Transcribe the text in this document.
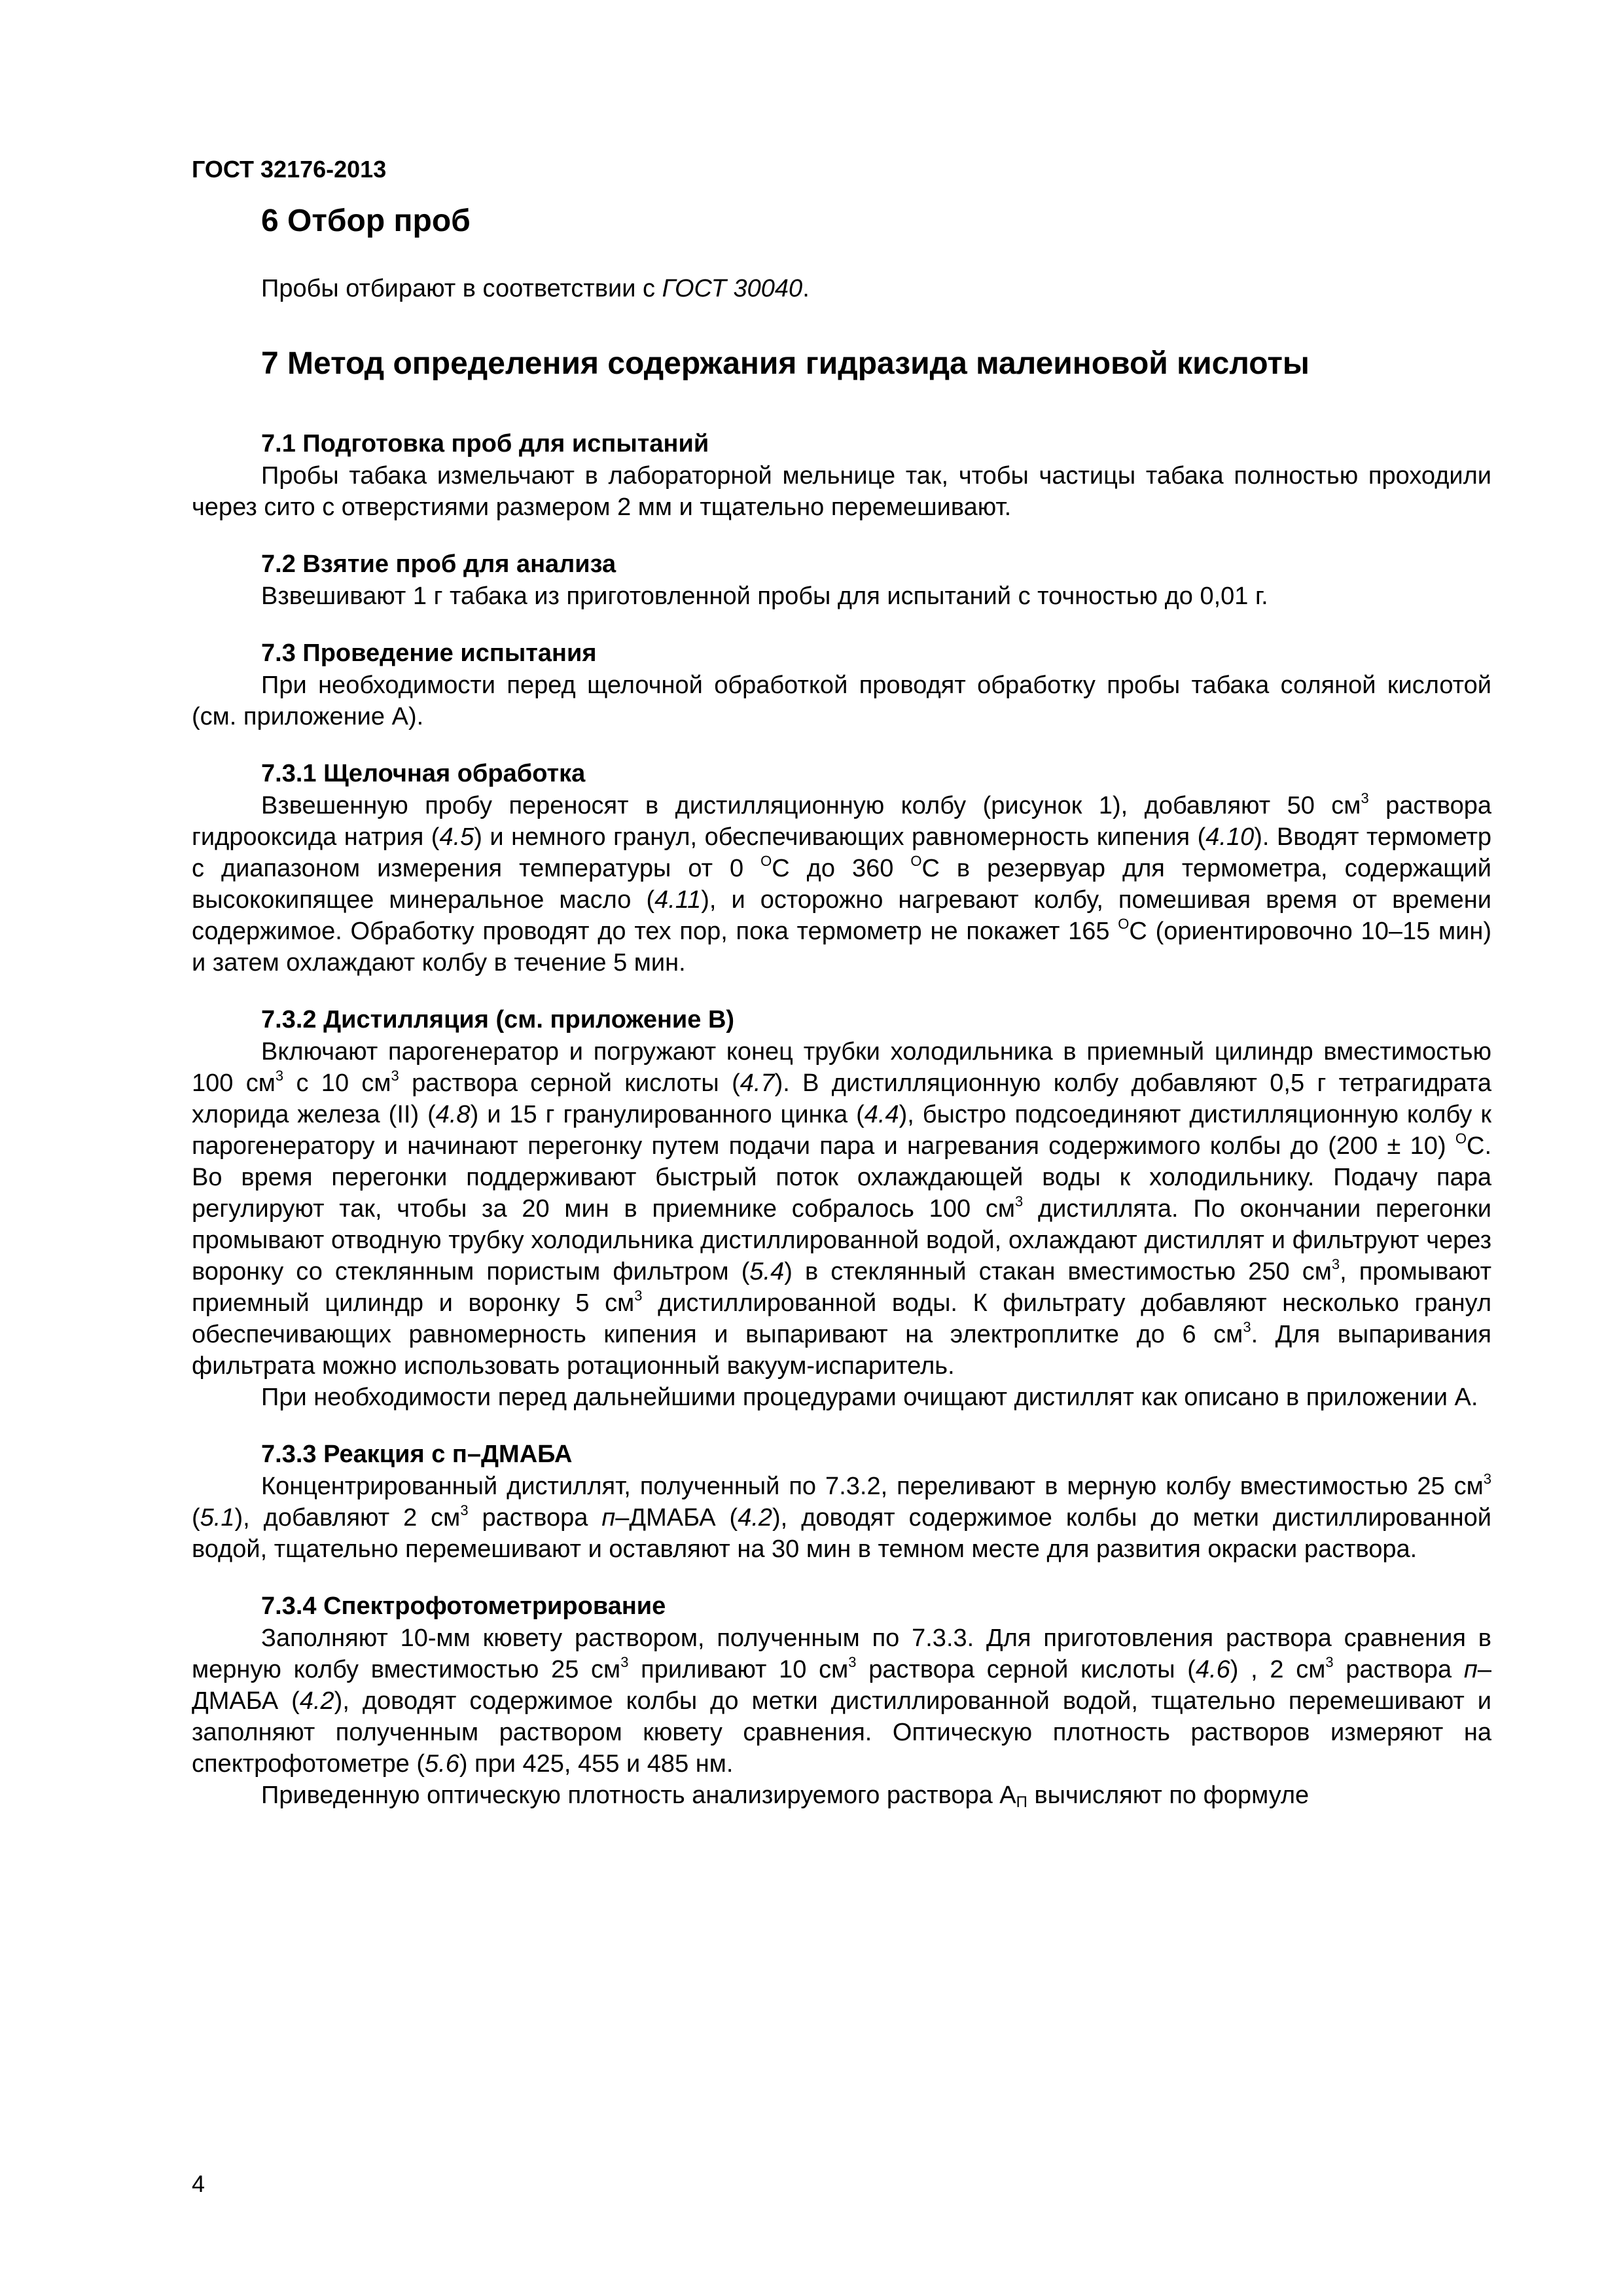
ГОСТ 32176-2013
6 Отбор проб

Пробы отбирают в соответствии с ГОСТ 30040.

7 Метод определения содержания гидразида малеиновой кислоты
7.1 Подготовка проб для испытаний

Пробы табака измельчают в лабораторной мельнице так, чтобы частицы табака полностью проходили через сито с отверстиями размером 2 мм и тщательно перемешивают.

7.2 Взятие проб для анализа

Взвешивают 1 г табака из приготовленной пробы для испытаний с точностью до 0,01 г.

7.3 Проведение испытания

При необходимости перед щелочной обработкой проводят обработку пробы табака соляной кислотой (см. приложение А).

7.3.1 Щелочная обработка

Взвешенную пробу переносят в дистилляционную колбу (рисунок 1), добавляют 50 $см^3$ раствора гидрооксида натрия (4.5) и немного гранул, обеспечивающих равномерность кипения (4.10). Вводят термометр с диапазоном измерения температуры от 0 $^О$С до 360 $^О$С в резервуар для термометра, содержащий высококипящее минеральное масло (4.11), и осторожно нагревают колбу, помешивая время от времени содержимое. Обработку проводят до тех пор, пока термометр не покажет 165 $^О$С (ориентировочно 10–15 мин) и затем охлаждают колбу в течение 5 мин.

7.3.2 Дистилляция (см. приложение В)

Включают парогенератор и погружают конец трубки холодильника в приемный цилиндр вместимостью 100 $см^3$ с 10 $см^3$ раствора серной кислоты (4.7). В дистилляционную колбу добавляют 0,5 г тетрагидрата хлорида железа (II) (4.8) и 15 г гранулированного цинка (4.4), быстро подсоединяют дистилляционную колбу к парогенератору и начинают перегонку путем подачи пара и нагревания содержимого колбы до (200 ± 10) $^О$С. Во время перегонки поддерживают быстрый поток охлаждающей воды к холодильнику. Подачу пара регулируют так, чтобы за 20 мин в приемнике собралось 100 $см^3$ дистиллята. По окончании перегонки промывают отводную трубку холодильника дистиллированной водой, охлаждают дистиллят и фильтруют через воронку со стеклянным пористым фильтром (5.4) в стеклянный стакан вместимостью 250 $см^3$, промывают приемный цилиндр и воронку 5 $см^3$ дистиллированной воды. К фильтрату добавляют несколько гранул обеспечивающих равномерность кипения и выпаривают на электроплитке до 6 $см^3$. Для выпаривания фильтрата можно использовать ротационный вакуум-испаритель.

При необходимости перед дальнейшими процедурами очищают дистиллят как описано в приложении А.

7.3.3 Реакция с п–ДМАБА

Концентрированный дистиллят, полученный по 7.3.2, переливают в мерную колбу вместимостью 25 $см^3$ (5.1), добавляют 2 $см^3$ раствора п–ДМАБА (4.2), доводят содержимое колбы до метки дистиллированной водой, тщательно перемешивают и оставляют на 30 мин в темном месте для развития окраски раствора.

7.3.4 Спектрофотометрирование

Заполняют 10-мм кювету раствором, полученным по 7.3.3. Для приготовления раствора сравнения в мерную колбу вместимостью 25 $см^3$ приливают 10 $см^3$ раствора серной кислоты (4.6) , 2 $см^3$ раствора п–ДМАБА (4.2), доводят содержимое колбы до метки дистиллированной водой, тщательно перемешивают и заполняют полученным раствором кювету сравнения. Оптическую плотность растворов измеряют на спектрофотометре (5.6) при 425, 455 и 485 нм.

Приведенную оптическую плотность анализируемого раствора $А_П$ вычисляют по формуле

4
